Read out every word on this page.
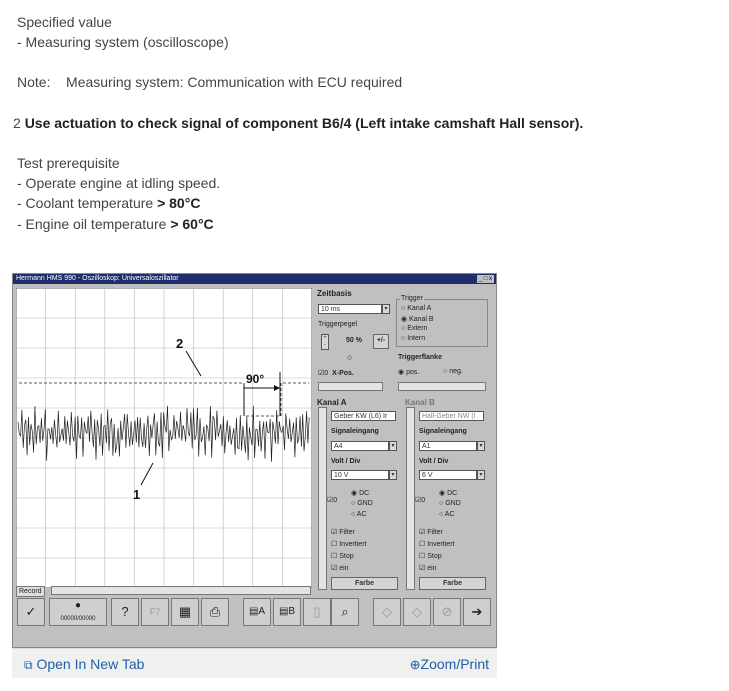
Specified value
- Measuring system (oscilloscope)
Note: Measuring system: Communication with ECU required
2 Use actuation to check signal of component B6/4 (Left intake camshaft Hall sensor).
Test prerequisite
- Operate engine at idling speed.
- Coolant temperature > 80°C
- Engine oil temperature > 60°C
Hermann HMS 990 - Oszilloskop: Universaloszillator	_ □ x
2
1
90°
Record
Zeitbasis
10 ms	▾
Triggerpegel
+
-
50 %	+/-
○
Trigger
Triggerflanke
◉ pos.	○ neg.
☑0 X-Pos.
Kanal A
Geber KW (L6) Ir
Signaleingang
A4	▾
Volt / Div
10 V	▾
☑0
◉ DC
○ GND
○ AC
☑ Filter
☐ Invertiert
☐ Stop
☑ ein
Farbe
Kanal B
Hall-Geber NW (I
Signaleingang
A1	▾
Volt / Div
6 V	▾
☑0
◉ DC
○ GND
○ AC
☑ Filter
☐ Invertiert
☐ Stop
☑ ein
Farbe
✓	●
00000/00000	?	F7	▦	⎙	▤A	▤B	▯	⌕	◇	◇	⊘	➔
○ Kanal A
◉ Kanal B
○ Extern
○ Intern
⧉ Open In New Tab	⊕Zoom/Print
